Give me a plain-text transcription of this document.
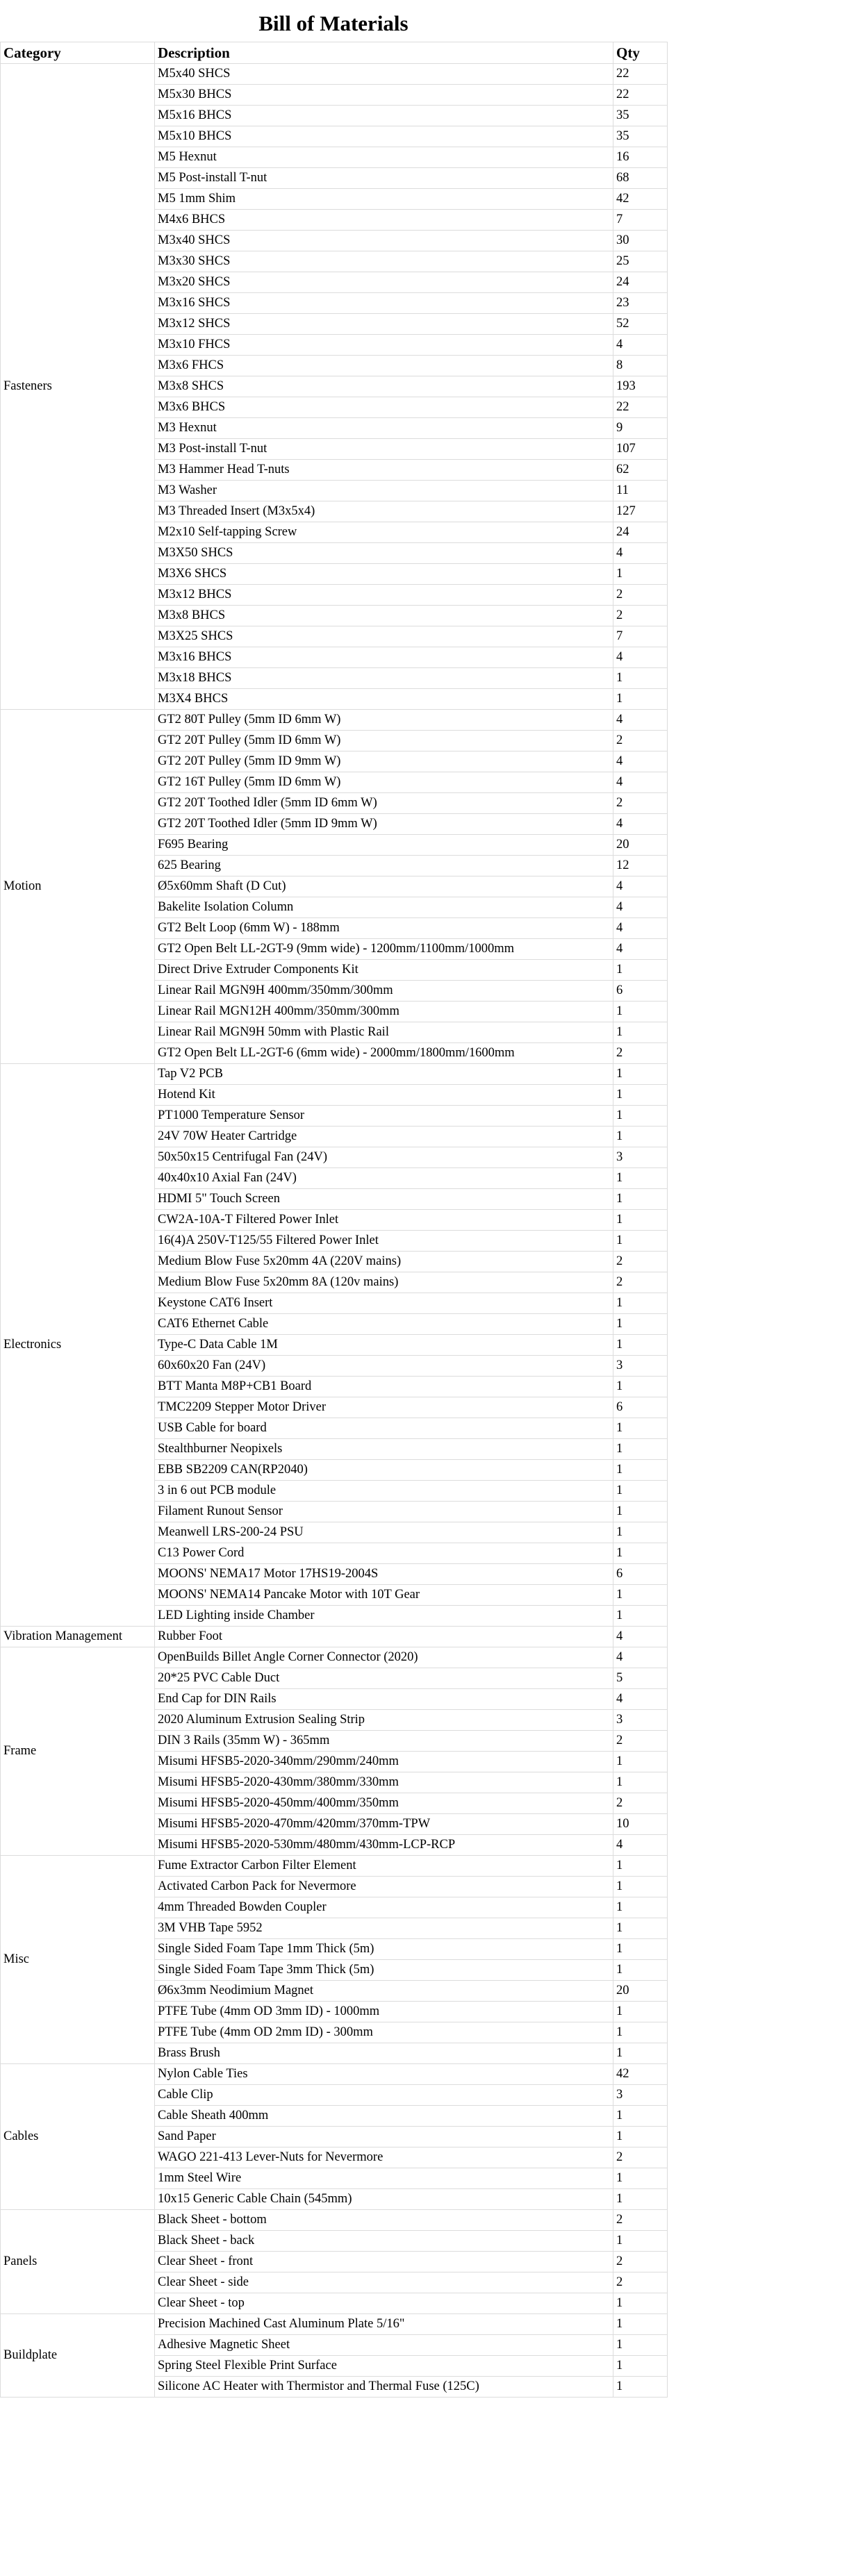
Bill of Materials
Category	Description	Qty
Fasteners	M5x40 SHCS	22
	M5x30 BHCS	22
	M5x16 BHCS	35
	M5x10 BHCS	35
	M5 Hexnut	16
	M5 Post-install T-nut	68
	M5 1mm Shim	42
	M4x6 BHCS	7
	M3x40 SHCS	30
	M3x30 SHCS	25
	M3x20 SHCS	24
	M3x16 SHCS	23
	M3x12 SHCS	52
	M3x10 FHCS	4
	M3x6 FHCS	8
	M3x8 SHCS	193
	M3x6 BHCS	22
	M3 Hexnut	9
	M3 Post-install T-nut	107
	M3 Hammer Head T-nuts	62
	M3 Washer	11
	M3 Threaded Insert (M3x5x4)	127
	M2x10 Self-tapping Screw	24
	M3X50 SHCS	4
	M3X6 SHCS	1
	M3x12 BHCS	2
	M3x8 BHCS	2
	M3X25 SHCS	7
	M3x16 BHCS	4
	M3x18 BHCS	1
	M3X4 BHCS	1
Motion	GT2 80T Pulley (5mm ID 6mm W)	4
	GT2 20T Pulley (5mm ID 6mm W)	2
	GT2 20T Pulley (5mm ID 9mm W)	4
	GT2 16T Pulley (5mm ID 6mm W)	4
	GT2 20T Toothed Idler (5mm ID 6mm W)	2
	GT2 20T Toothed Idler (5mm ID 9mm W)	4
	F695 Bearing	20
	625 Bearing	12
	Ø5x60mm Shaft (D Cut)	4
	Bakelite Isolation Column	4
	GT2 Belt Loop (6mm W) - 188mm	4
	GT2 Open Belt LL-2GT-9 (9mm wide) - 1200mm/1100mm/1000mm	4
	Direct Drive Extruder Components Kit	1
	Linear Rail MGN9H 400mm/350mm/300mm	6
	Linear Rail MGN12H 400mm/350mm/300mm	1
	Linear Rail MGN9H 50mm with Plastic Rail	1
	GT2 Open Belt LL-2GT-6 (6mm wide) - 2000mm/1800mm/1600mm	2
Electronics	Tap V2 PCB	1
	Hotend Kit	1
	PT1000 Temperature Sensor	1
	24V 70W Heater Cartridge	1
	50x50x15 Centrifugal Fan (24V)	3
	40x40x10 Axial Fan (24V)	1
	HDMI 5" Touch Screen	1
	CW2A-10A-T Filtered Power Inlet	1
	16(4)A 250V-T125/55 Filtered Power Inlet	1
	Medium Blow Fuse 5x20mm 4A (220V mains)	2
	Medium Blow Fuse 5x20mm 8A (120v mains)	2
	Keystone CAT6 Insert	1
	CAT6 Ethernet Cable	1
	Type-C Data Cable 1M	1
	60x60x20 Fan (24V)	3
	BTT Manta M8P+CB1 Board	1
	TMC2209 Stepper Motor Driver	6
	USB Cable for board	1
	Stealthburner Neopixels	1
	EBB SB2209 CAN(RP2040)	1
	3 in 6 out PCB module	1
	Filament Runout Sensor	1
	Meanwell LRS-200-24 PSU	1
	C13 Power Cord	1
	MOONS' NEMA17 Motor 17HS19-2004S	6
	MOONS' NEMA14 Pancake Motor with 10T Gear	1
	LED Lighting inside Chamber	1
Vibration Management	Rubber Foot	4
Frame	OpenBuilds Billet Angle Corner Connector (2020)	4
	20*25 PVC Cable Duct	5
	End Cap for DIN Rails	4
	2020 Aluminum Extrusion Sealing Strip	3
	DIN 3 Rails (35mm W) - 365mm	2
	Misumi HFSB5-2020-340mm/290mm/240mm	1
	Misumi HFSB5-2020-430mm/380mm/330mm	1
	Misumi HFSB5-2020-450mm/400mm/350mm	2
	Misumi HFSB5-2020-470mm/420mm/370mm-TPW	10
	Misumi HFSB5-2020-530mm/480mm/430mm-LCP-RCP	4
Misc	Fume Extractor Carbon Filter Element	1
	Activated Carbon Pack for Nevermore	1
	4mm Threaded Bowden Coupler	1
	3M VHB Tape 5952	1
	Single Sided Foam Tape 1mm Thick (5m)	1
	Single Sided Foam Tape 3mm Thick (5m)	1
	Ø6x3mm Neodimium Magnet	20
	PTFE Tube (4mm OD 3mm ID) - 1000mm	1
	PTFE Tube (4mm OD 2mm ID) - 300mm	1
	Brass Brush	1
Cables	Nylon Cable Ties	42
	Cable Clip	3
	Cable Sheath 400mm	1
	Sand Paper	1
	WAGO 221-413 Lever-Nuts for Nevermore	2
	1mm Steel Wire	1
	10x15 Generic Cable Chain (545mm)	1
Panels	Black Sheet - bottom	2
	Black Sheet - back	1
	Clear Sheet - front	2
	Clear Sheet - side	2
	Clear Sheet - top	1
Buildplate	Precision Machined Cast Aluminum Plate 5/16"	1
	Adhesive Magnetic Sheet	1
	Spring Steel Flexible Print Surface	1
	Silicone AC Heater with Thermistor and Thermal Fuse (125C)	1
